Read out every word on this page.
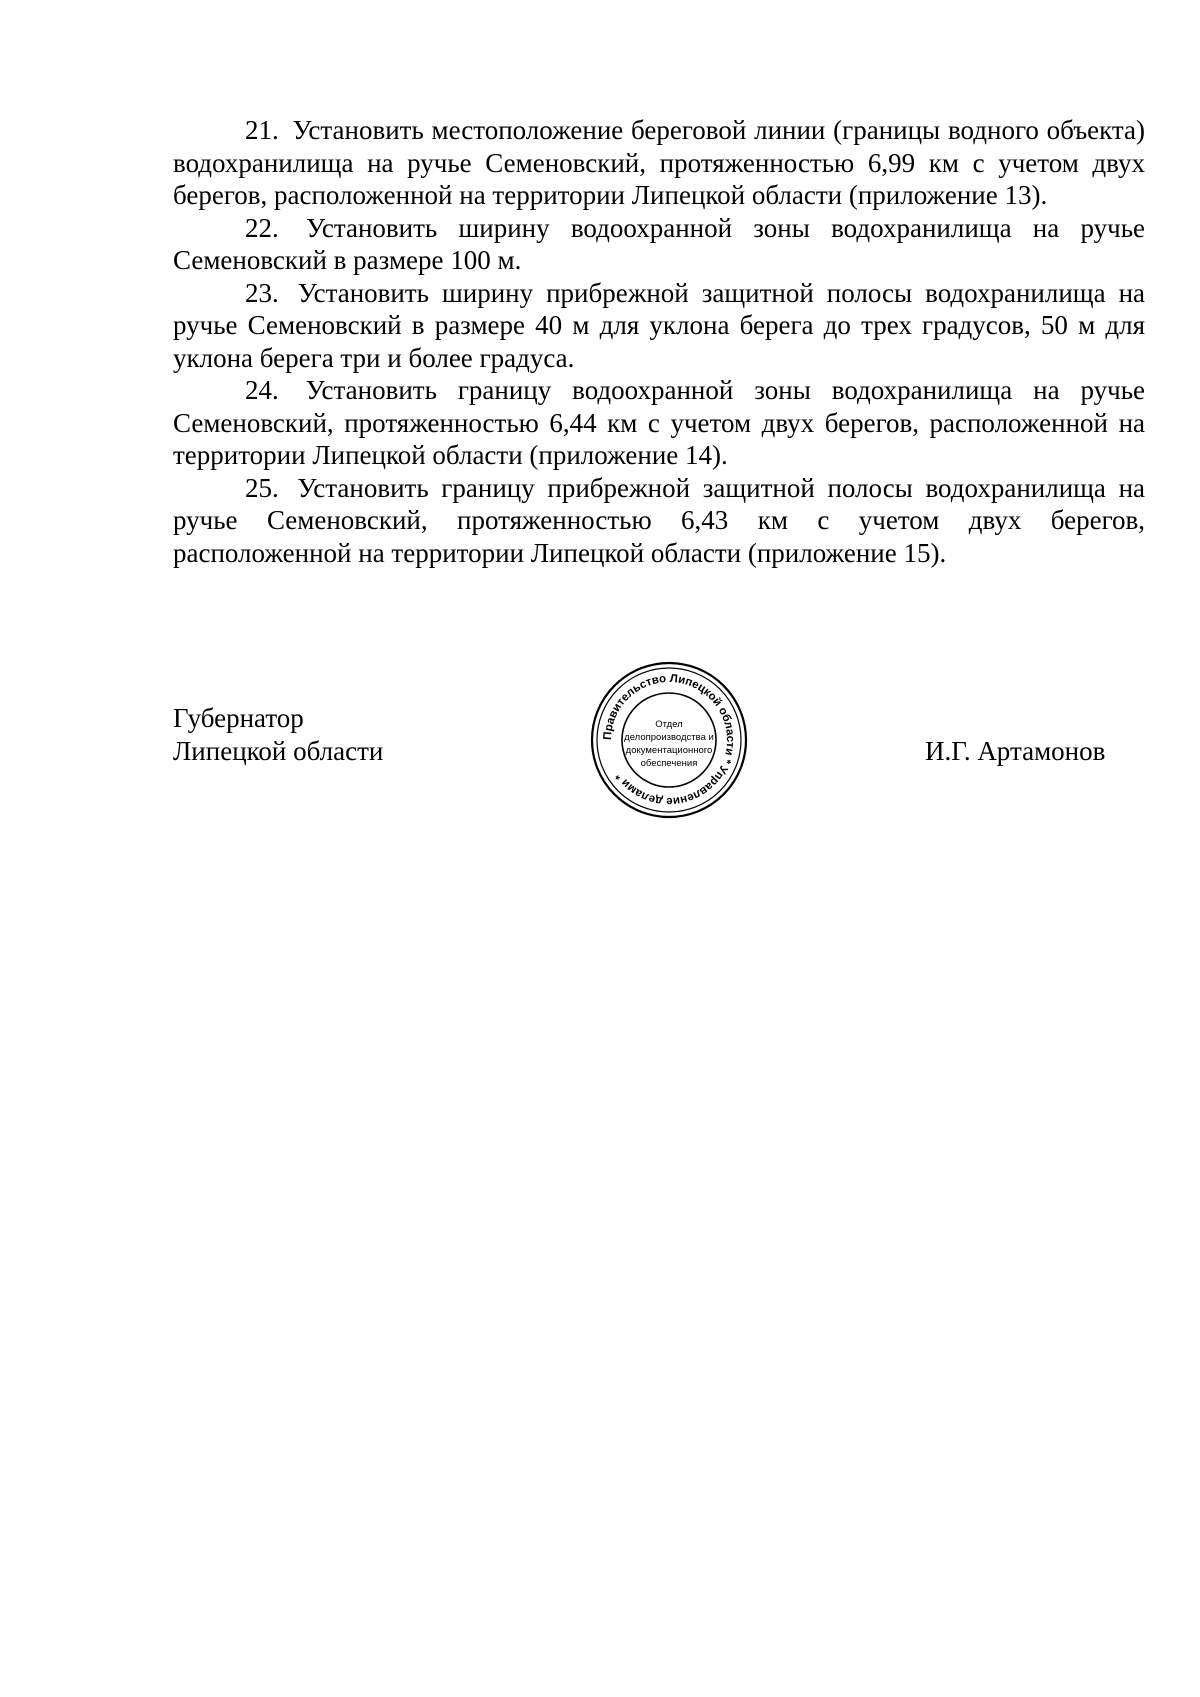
21. Установить местоположение береговой линии (границы водного объекта) водохранилища на ручье Семеновский, протяженностью 6,99 км с учетом двух берегов, расположенной на территории Липецкой области (приложение 13).

22. Установить ширину водоохранной зоны водохранилища на ручье Семеновский в размере 100 м.

23. Установить ширину прибрежной защитной полосы водохранилища на ручье Семеновский в размере 40 м для уклона берега до трех градусов, 50 м для уклона берега три и более градуса.

24. Установить границу водоохранной зоны водохранилища на ручье Семеновский, протяженностью 6,44 км с учетом двух берегов, расположенной на территории Липецкой области (приложение 14).

25. Установить границу прибрежной защитной полосы водохранилища на ручье Семеновский, протяженностью 6,43 км с учетом двух берегов, расположенной на территории Липецкой области (приложение 15).

Губернатор
Липецкой области	Правительство Липецкой области * Управление делами *
Отдел
делопроизводства и
документационного
обеспечения	И.Г. Артамонов
